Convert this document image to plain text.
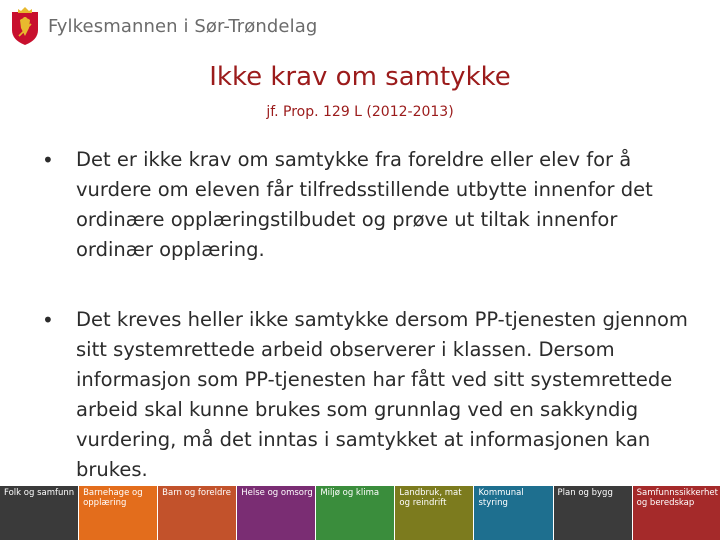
Fylkesmannen i Sør-Trøndelag
Ikke krav om samtykke
jf. Prop. 129 L (2012-2013)
• Det er ikke krav om samtykke fra foreldre eller elev for å vurdere om eleven får tilfredsstillende utbytte innenfor det ordinære opplæringstilbudet og prøve ut tiltak innenfor ordinær opplæring.
• Det kreves heller ikke samtykke dersom PP-tjenesten gjennom sitt systemrettede arbeid observerer i klassen. Dersom informasjon som PP-tjenesten har fått ved sitt systemrettede arbeid skal kunne brukes som grunnlag ved en sakkyndig vurdering, må det inntas i samtykket at informasjonen kan brukes.
Folk og samfunn Barnehage og opplæring
Barn og foreldre	Helse og omsorg Miljø og klima	Landbruk, mat og reindrift
Kommunal styring
Plan og bygg	Samfunnssikkerhet og beredskap
